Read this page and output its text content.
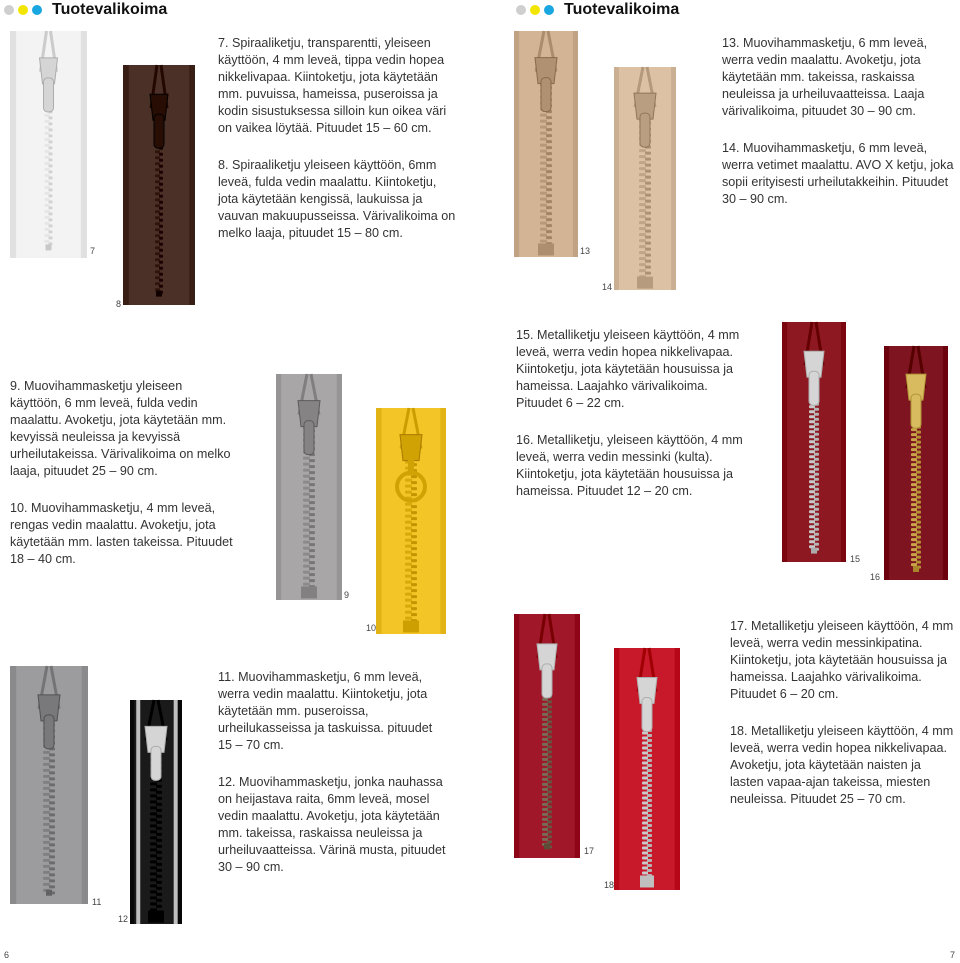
Tuotevalikoima	Tuotevalikoima
7
8
9
10
11
12
13
14
15
16
17
18

7. Spiraaliketju, transparentti, yleiseen käyttöön, 4 mm leveä, tippa vedin hopea nikkelivapaa. Kiintoketju, jota käytetään mm. puvuissa, hameissa, puseroissa ja kodin sisustuksessa silloin kun oikea väri on vaikea löytää. Pituudet 15 – 60 cm.

8. Spiraaliketju yleiseen käyttöön, 6mm leveä, fulda vedin maalattu. Kiintoketju, jota käytetään kengissä, laukuissa ja vauvan makuupusseissa. Värivalikoima on melko laaja, pituudet 15 – 80 cm.

9. Muovihammasketju yleiseen käyttöön, 6 mm leveä, fulda vedin maalattu. Avoketju, jota käytetään mm. kevyissä neuleissa ja kevyissä urheilutakeissa. Värivalikoima on melko laaja, pituudet 25 – 90 cm.

10. Muovihammasketju, 4 mm leveä, rengas vedin maalattu. Avoketju, jota käytetään mm. lasten takeissa. Pituudet 18 – 40 cm.

11. Muovihammasketju, 6 mm leveä, werra vedin maalattu. Kiintoketju, jota käytetään mm. puseroissa, urheilukasseissa ja taskuissa. pituudet 15 – 70 cm.

12. Muovihammasketju, jonka nauhassa on heijastava raita, 6mm leveä, mosel vedin maalattu. Avoketju, jota käytetään mm. takeissa, raskaissa neuleissa ja urheiluvaatteissa. Värinä musta, pituudet 30 – 90 cm.

13. Muovihammasketju, 6 mm leveä, werra vedin maalattu. Avoketju, jota käytetään mm. takeissa, raskaissa neuleissa ja urheiluvaatteissa. Laaja värivalikoima, pituudet 30 – 90 cm.

14. Muovihammasketju, 6 mm leveä, werra vetimet maalattu. AVO X ketju, joka sopii erityisesti urheilutakkeihin. Pituudet 30 – 90 cm.

15. Metalliketju yleiseen käyttöön, 4 mm leveä, werra vedin hopea nikkelivapaa. Kiintoketju, jota käytetään housuissa ja hameissa. Laajahko värivalikoima. Pituudet 6 – 22 cm.

16. Metalliketju, yleiseen käyttöön, 4 mm leveä, werra vedin messinki (kulta). Kiintoketju, jota käytetään housuissa ja hameissa. Pituudet 12 – 20 cm.

17. Metalliketju yleiseen käyttöön, 4 mm leveä, werra vedin messinkipatina. Kiintoketju, jota käytetään housuissa ja hameissa. Laajahko värivalikoima. Pituudet 6 – 20 cm.

18. Metalliketju yleiseen käyttöön, 4 mm leveä, werra vedin hopea nikkelivapaa. Avoketju, jota käytetään naisten ja lasten vapaa-ajan takeissa, miesten neuleissa. Pituudet 25 – 70 cm.

6	7
